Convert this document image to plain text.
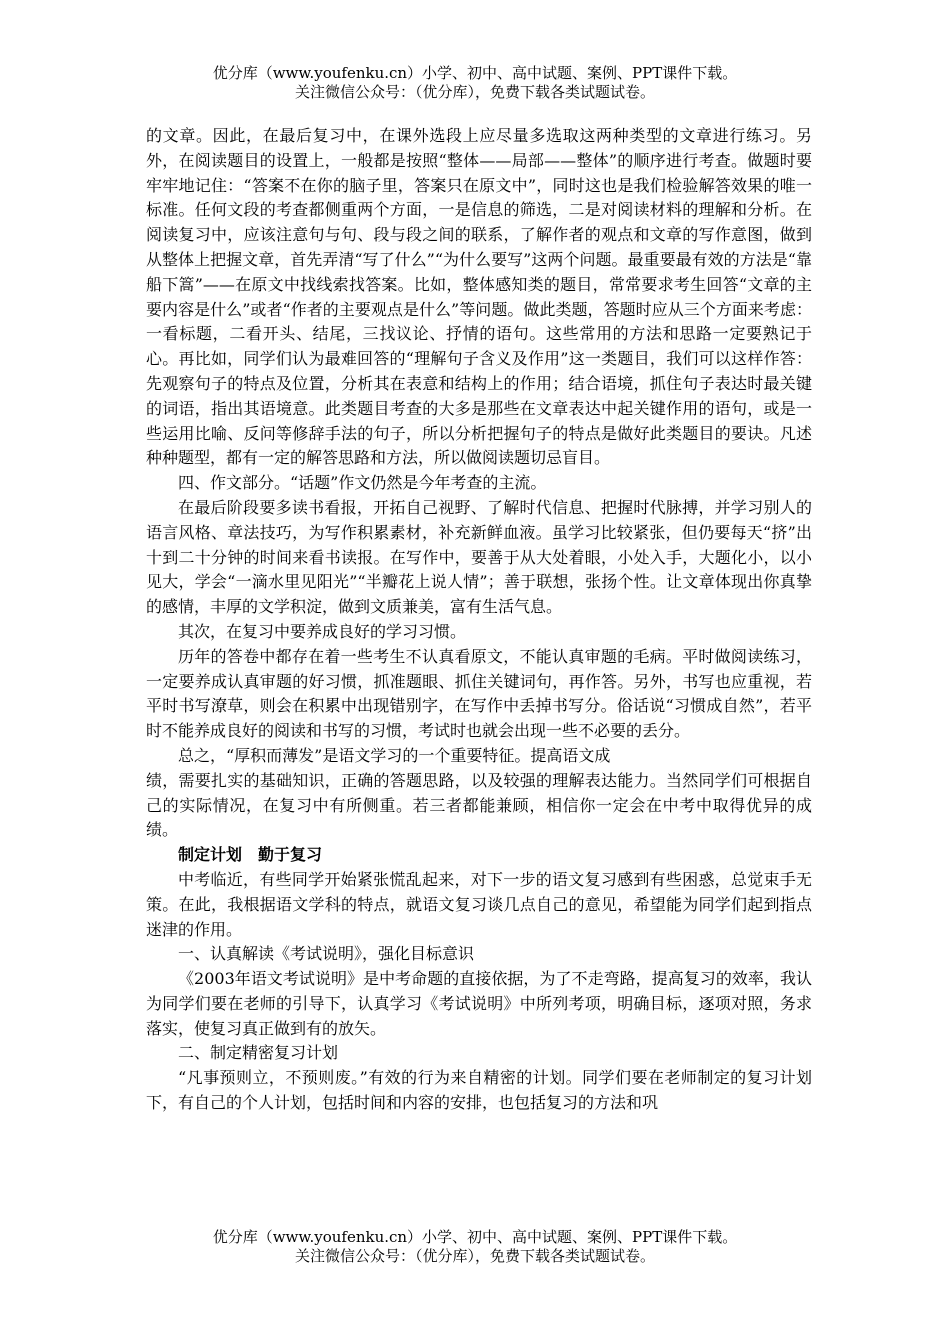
优分库（www.youfenku.cn）小学、初中、高中试题、案例、PPT课件下载。
关注微信公众号：（优分库），免费下载各类试题试卷。

的文章。因此，在最后复习中，在课外选段上应尽量多选取这两种类型的文章进行练习。另外，在阅读题目的设置上，一般都是按照“整体——局部——整体”的顺序进行考查。做题时要牢牢地记住：“答案不在你的脑子里，答案只在原文中”，同时这也是我们检验解答效果的唯一标准。任何文段的考查都侧重两个方面，一是信息的筛选，二是对阅读材料的理解和分析。在阅读复习中，应该注意句与句、段与段之间的联系，了解作者的观点和文章的写作意图，做到从整体上把握文章，首先弄清“写了什么”“为什么要写”这两个问题。最重要最有效的方法是“靠船下篙”——在原文中找线索找答案。比如，整体感知类的题目，常常要求考生回答“文章的主要内容是什么”或者“作者的主要观点是什么”等问题。做此类题，答题时应从三个方面来考虑：一看标题，二看开头、结尾，三找议论、抒情的语句。这些常用的方法和思路一定要熟记于心。再比如，同学们认为最难回答的“理解句子含义及作用”这一类题目，我们可以这样作答：先观察句子的特点及位置，分析其在表意和结构上的作用；结合语境，抓住句子表达时最关键的词语，指出其语境意。此类题目考查的大多是那些在文章表达中起关键作用的语句，或是一些运用比喻、反问等修辞手法的句子，所以分析把握句子的特点是做好此类题目的要诀。凡述种种题型，都有一定的解答思路和方法，所以做阅读题切忌盲目。

四、作文部分。“话题”作文仍然是今年考查的主流。

在最后阶段要多读书看报，开拓自己视野、了解时代信息、把握时代脉搏，并学习别人的语言风格、章法技巧，为写作积累素材，补充新鲜血液。虽学习比较紧张，但仍要每天“挤”出十到二十分钟的时间来看书读报。在写作中，要善于从大处着眼，小处入手，大题化小，以小见大，学会“一滴水里见阳光”“半瓣花上说人情”；善于联想，张扬个性。让文章体现出你真挚的感情，丰厚的文学积淀，做到文质兼美，富有生活气息。

其次，在复习中要养成良好的学习习惯。

历年的答卷中都存在着一些考生不认真看原文，不能认真审题的毛病。平时做阅读练习，一定要养成认真审题的好习惯，抓准题眼、抓住关键词句，再作答。另外，书写也应重视，若平时书写潦草，则会在积累中出现错别字，在写作中丢掉书写分。俗话说“习惯成自然”，若平时不能养成良好的阅读和书写的习惯，考试时也就会出现一些不必要的丢分。

总之，“厚积而薄发”是语文学习的一个重要特征。提高语文成

绩，需要扎实的基础知识，正确的答题思路，以及较强的理解表达能力。当然同学们可根据自己的实际情况，在复习中有所侧重。若三者都能兼顾，相信你一定会在中考中取得优异的成绩。

制定计划　勤于复习

中考临近，有些同学开始紧张慌乱起来，对下一步的语文复习感到有些困惑，总觉束手无策。在此，我根据语文学科的特点，就语文复习谈几点自己的意见，希望能为同学们起到指点迷津的作用。

一、认真解读《考试说明》，强化目标意识

《2003年语文考试说明》是中考命题的直接依据，为了不走弯路，提高复习的效率，我认为同学们要在老师的引导下，认真学习《考试说明》中所列考项，明确目标，逐项对照，务求落实，使复习真正做到有的放矢。

二、制定精密复习计划

“凡事预则立，不预则废。”有效的行为来自精密的计划。同学们要在老师制定的复习计划下，有自己的个人计划，包括时间和内容的安排，也包括复习的方法和巩

优分库（www.youfenku.cn）小学、初中、高中试题、案例、PPT课件下载。
关注微信公众号：（优分库），免费下载各类试题试卷。
